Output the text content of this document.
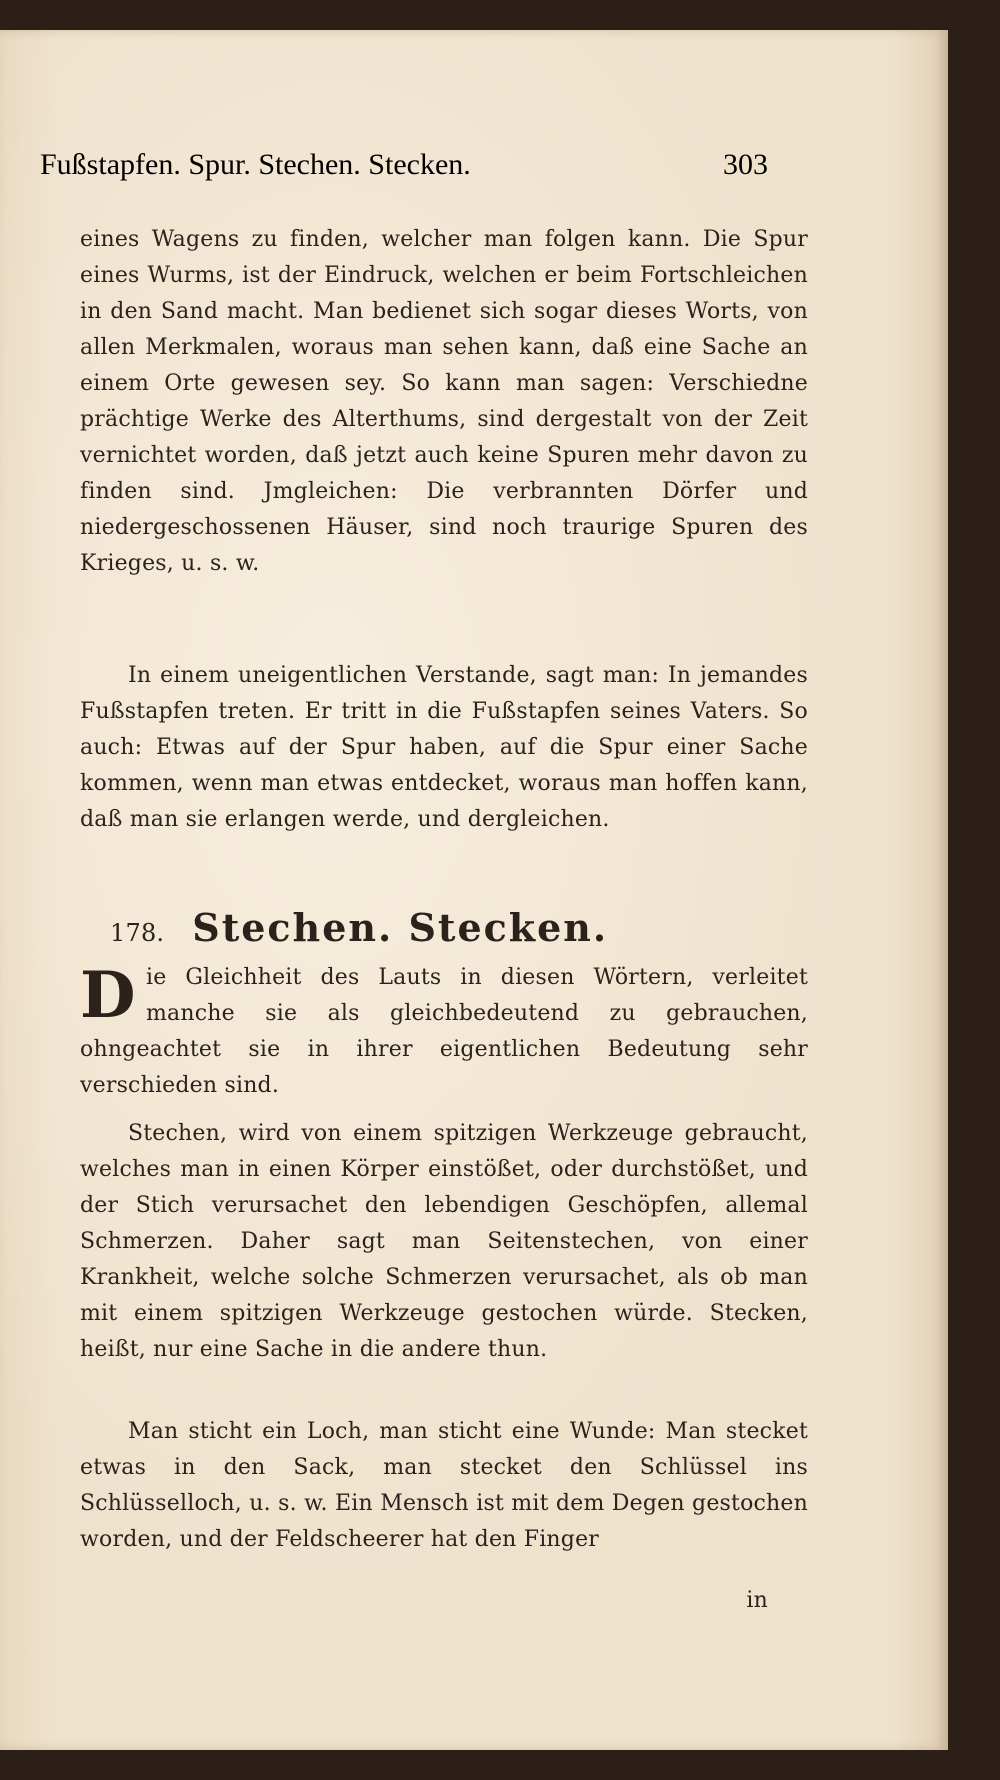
Fußstapfen. Spur. Stechen. Stecken.	303
eines Wagens zu finden, welcher man folgen kann. Die Spur eines Wurms, ist der Eindruck, welchen er beim Fortschleichen in den Sand macht. Man bedienet sich sogar dieses Worts, von allen Merkmalen, woraus man sehen kann, daß eine Sache an einem Orte gewesen sey. So kann man sagen: Verschiedne prächtige Werke des Alterthums, sind dergestalt von der Zeit vernichtet worden, daß jetzt auch keine Spuren mehr davon zu finden sind. Jmgleichen: Die verbrannten Dörfer und niedergeschossenen Häuser, sind noch traurige Spuren des Krieges, u. s. w.
In einem uneigentlichen Verstande, sagt man: In jemandes Fußstapfen treten. Er tritt in die Fußstapfen seines Vaters. So auch: Etwas auf der Spur haben, auf die Spur einer Sache kommen, wenn man etwas entdecket, woraus man hoffen kann, daß man sie erlangen werde, und dergleichen.
178. Stechen. Stecken.
Die Gleichheit des Lauts in diesen Wörtern, verleitet manche sie als gleichbedeutend zu gebrauchen, ohngeachtet sie in ihrer eigentlichen Bedeutung sehr verschieden sind.
Stechen, wird von einem spitzigen Werkzeuge gebraucht, welches man in einen Körper einstößet, oder durchstößet, und der Stich verursachet den lebendigen Geschöpfen, allemal Schmerzen. Daher sagt man Seitenstechen, von einer Krankheit, welche solche Schmerzen verursachet, als ob man mit einem spitzigen Werkzeuge gestochen würde. Stecken, heißt, nur eine Sache in die andere thun.
Man sticht ein Loch, man sticht eine Wunde: Man stecket etwas in den Sack, man stecket den Schlüssel ins Schlüsselloch, u. s. w. Ein Mensch ist mit dem Degen gestochen worden, und der Feldscheerer hat den Finger
in
